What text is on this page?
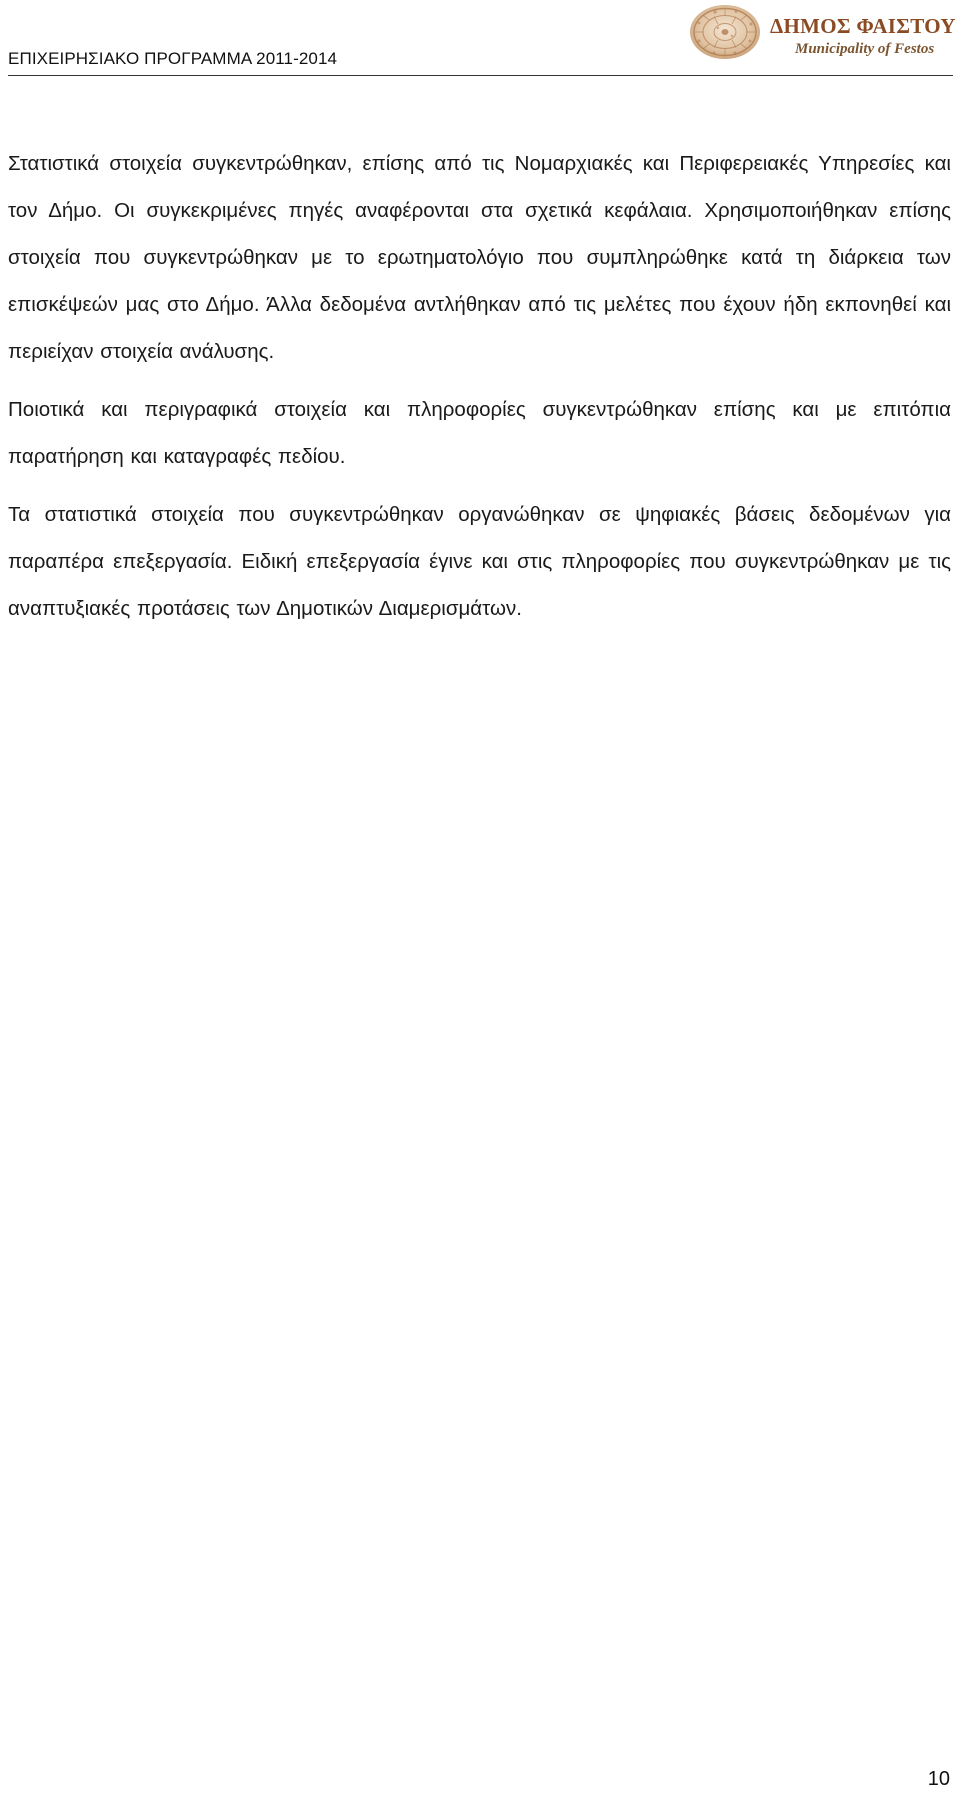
ΕΠΙΧΕΙΡΗΣΙΑΚΟ ΠΡΟΓΡΑΜΜΑ 2011-2014
ΔΗΜΟΣ ΦΑΙΣΤΟΥ
Municipality of Festos

Στατιστικά στοιχεία συγκεντρώθηκαν, επίσης από τις Νομαρχιακές και Περιφερειακές Υπηρεσίες και τον Δήμο. Οι συγκεκριμένες πηγές αναφέρονται στα σχετικά κεφάλαια. Χρησιμοποιήθηκαν επίσης στοιχεία που συγκεντρώθηκαν με το ερωτηματολόγιο που συμπληρώθηκε κατά τη διάρκεια των επισκέψεών μας στο Δήμο. Άλλα δεδομένα αντλήθηκαν από τις μελέτες που έχουν ήδη εκπονηθεί και περιείχαν στοιχεία ανάλυσης.

Ποιοτικά και περιγραφικά στοιχεία και πληροφορίες συγκεντρώθηκαν επίσης και με επιτόπια παρατήρηση και καταγραφές πεδίου.

Τα στατιστικά στοιχεία που συγκεντρώθηκαν οργανώθηκαν σε ψηφιακές βάσεις δεδομένων για παραπέρα επεξεργασία. Ειδική επεξεργασία έγινε και στις πληροφορίες που συγκεντρώθηκαν με τις αναπτυξιακές προτάσεις των Δημοτικών Διαμερισμάτων.

10
